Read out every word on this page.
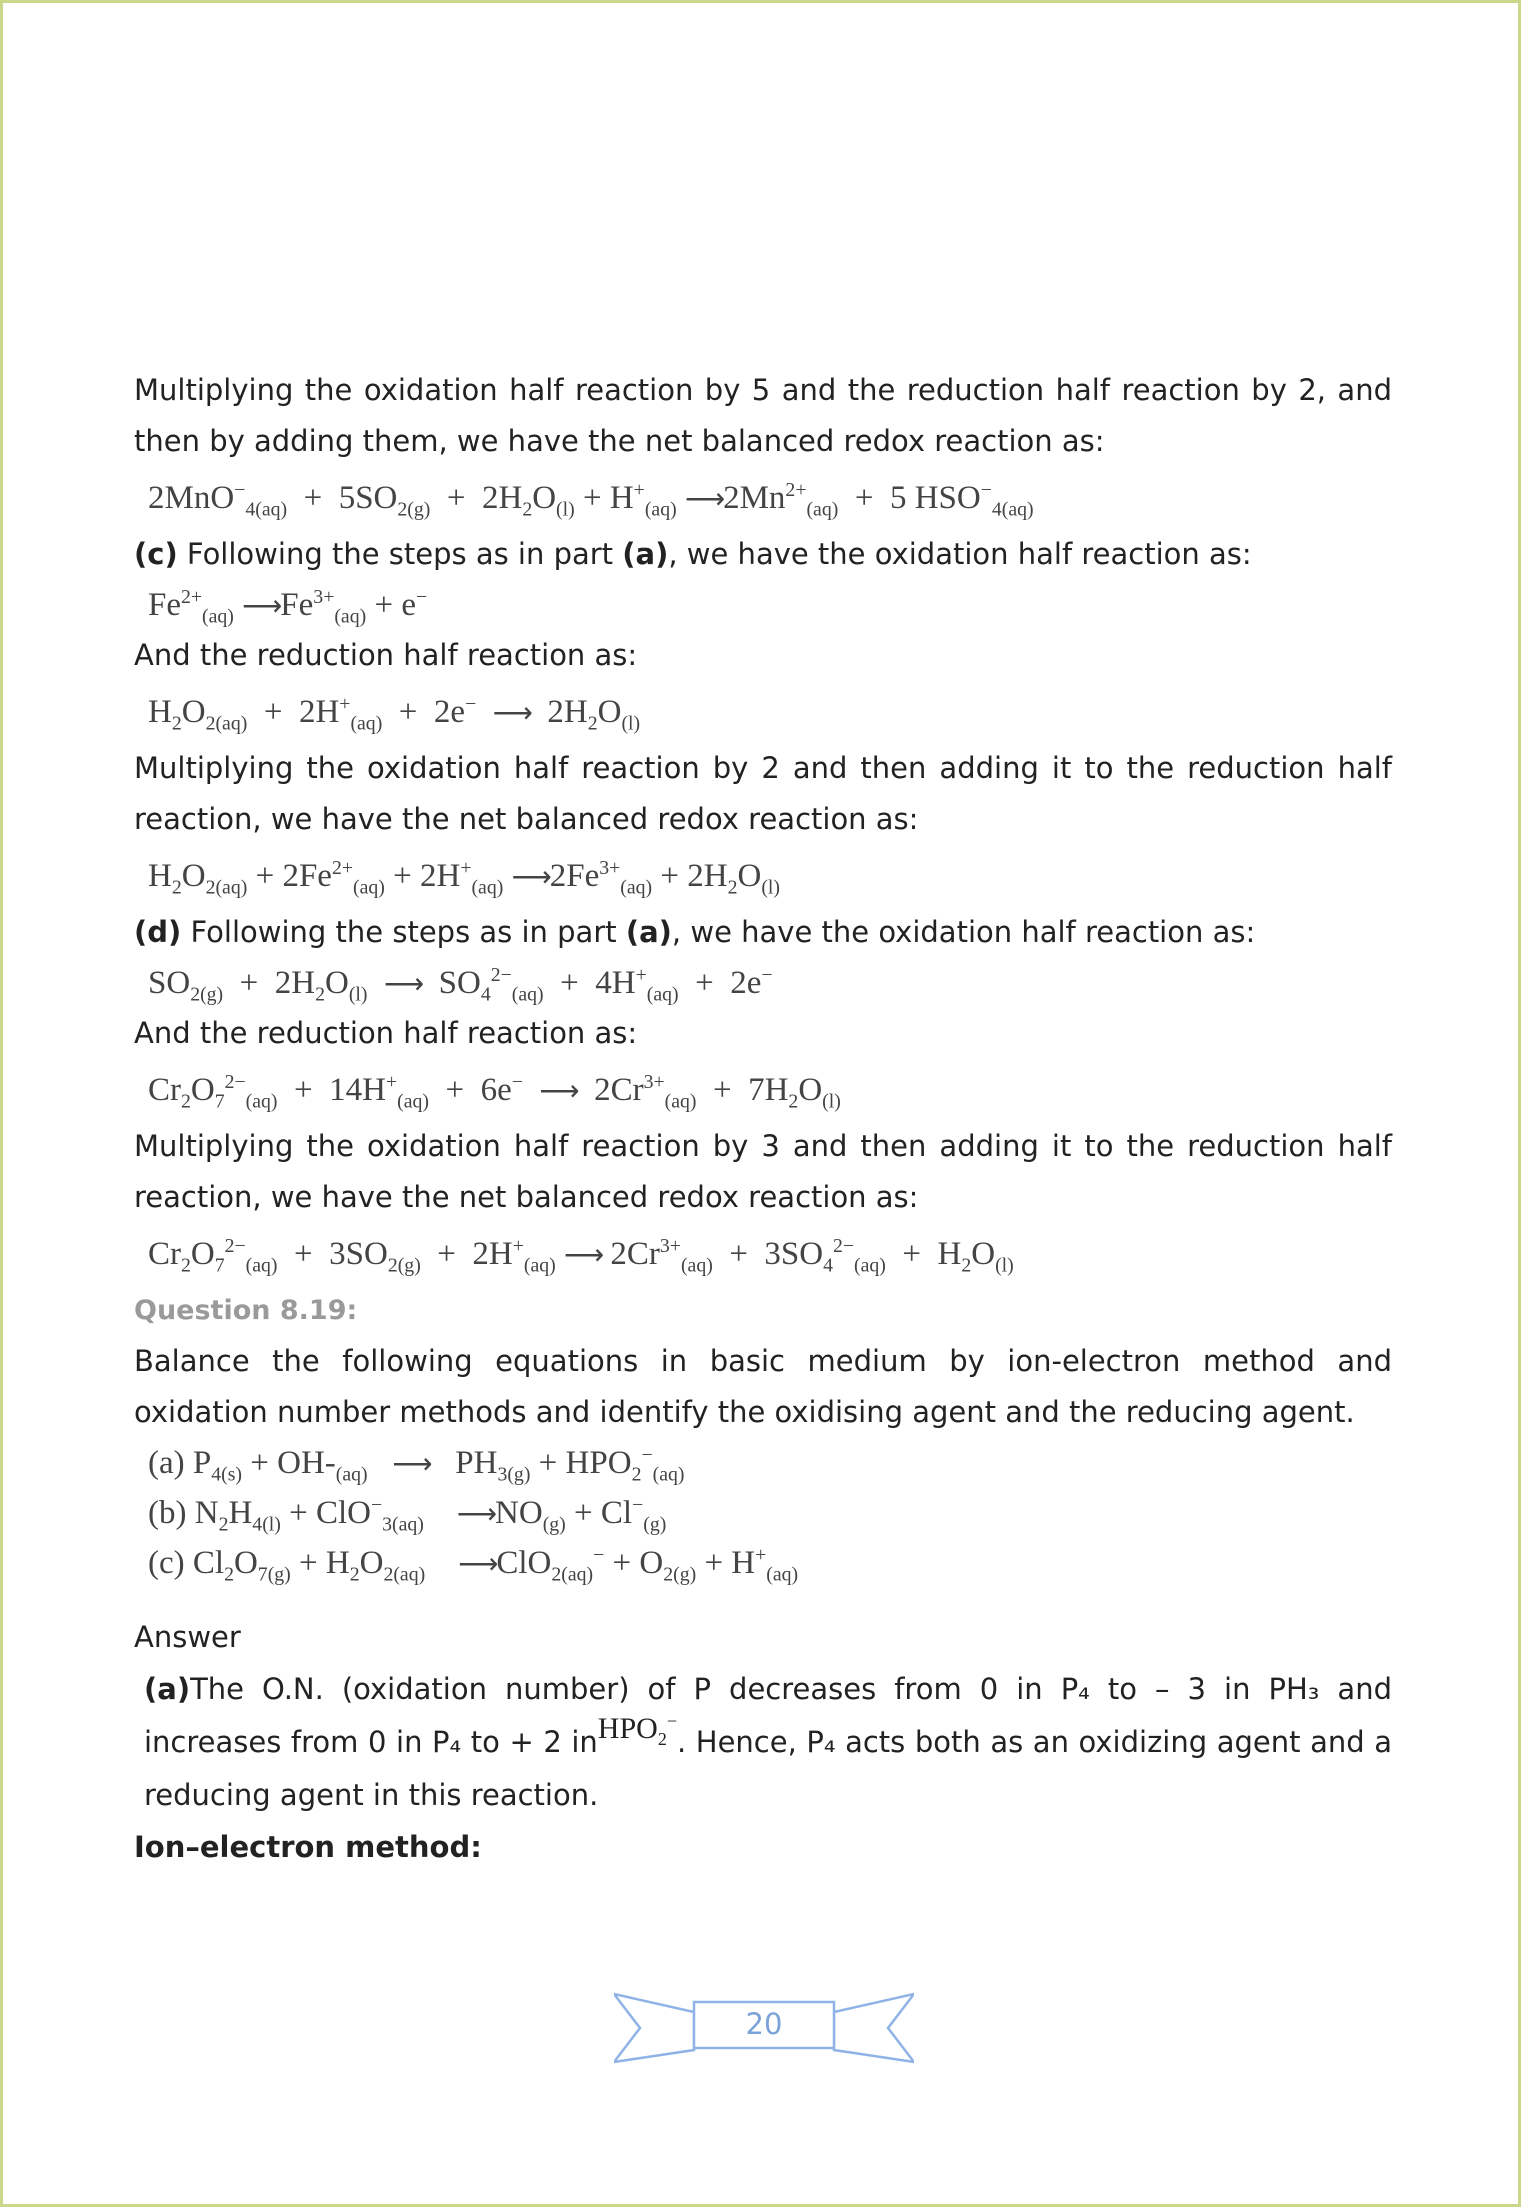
Multiplying the oxidation half reaction by 5 and the reduction half reaction by 2, and then by adding them, we have the net balanced redox reaction as:

$2MnO^-_{4(aq)} + 5SO_{2(g)} + 2H_2O_{(l)} + H^+_{(aq)}$ $⟶2Mn^{2+}_{(aq)} + 5$ $HSO^-_{4(aq)}$

(c) Following the steps as in part (a), we have the oxidation half reaction as:

$Fe^{2+}_{(aq)}$ $⟶Fe^{3+}_{(aq)} + e^-$

And the reduction half reaction as:

$H_2O_{2(aq)} + 2H^+_{(aq)} + 2e^-$ ⟶  $2H_2O_{(l)}$

Multiplying the oxidation half reaction by 2 and then adding it to the reduction half reaction, we have the net balanced redox reaction as:

$H_2O_{2(aq)} + 2Fe^{2+}_{(aq)} + 2H^+_{(aq)}$ $⟶2Fe^{3+}_{(aq)} + 2H_2O_{(l)}$

(d) Following the steps as in part (a), we have the oxidation half reaction as:

$SO_{2(g)} + 2H_2O_{(l)}$ ⟶  $SO_4^{2-}_{(aq)} + 4H^+_{(aq)} + 2e^-$

And the reduction half reaction as:

$Cr_2O_7^{2-}_{(aq)} + 14H^+_{(aq)} + 6e^-$ ⟶  $2Cr^{3+}_{(aq)} + 7H_2O_{(l)}$

Multiplying the oxidation half reaction by 3 and then adding it to the reduction half reaction, we have the net balanced redox reaction as:

$Cr_2O_7^{2-}_{(aq)} + 3SO_{2(g)} + 2H^+_{(aq)}$ ⟶ $2Cr^{3+}_{(aq)} + 3SO_4^{2-}_{(aq)} + H_2O_{(l)}$

Question 8.19:

Balance the following equations in basic medium by ion-electron method and oxidation number methods and identify the oxidising agent and the reducing agent.

(a) $P_{4(s)} + OH-_{(aq)}$ ⟶   $PH_{3(g)} + HPO_2^-_{(aq)}$
(b) $N_2H_{4(l)} + ClO^-_{3(aq)}$ $⟶NO_{(g)} + Cl^-_{(g)}$
(c) $Cl_2O_{7(g)} + H_2O_{2(aq)}$ ⟶ClO$_{2(aq)}$− + $O_{2(g)} + H^+_{(aq)}$

Answer

(a)The O.N. (oxidation number) of P decreases from 0 in P₄ to – 3 in PH₃ and increases from 0 in P₄ to + 2 inHPO$_2$−. Hence, P₄ acts both as an oxidizing agent and a reducing agent in this reaction.

Ion–electron method:

20
